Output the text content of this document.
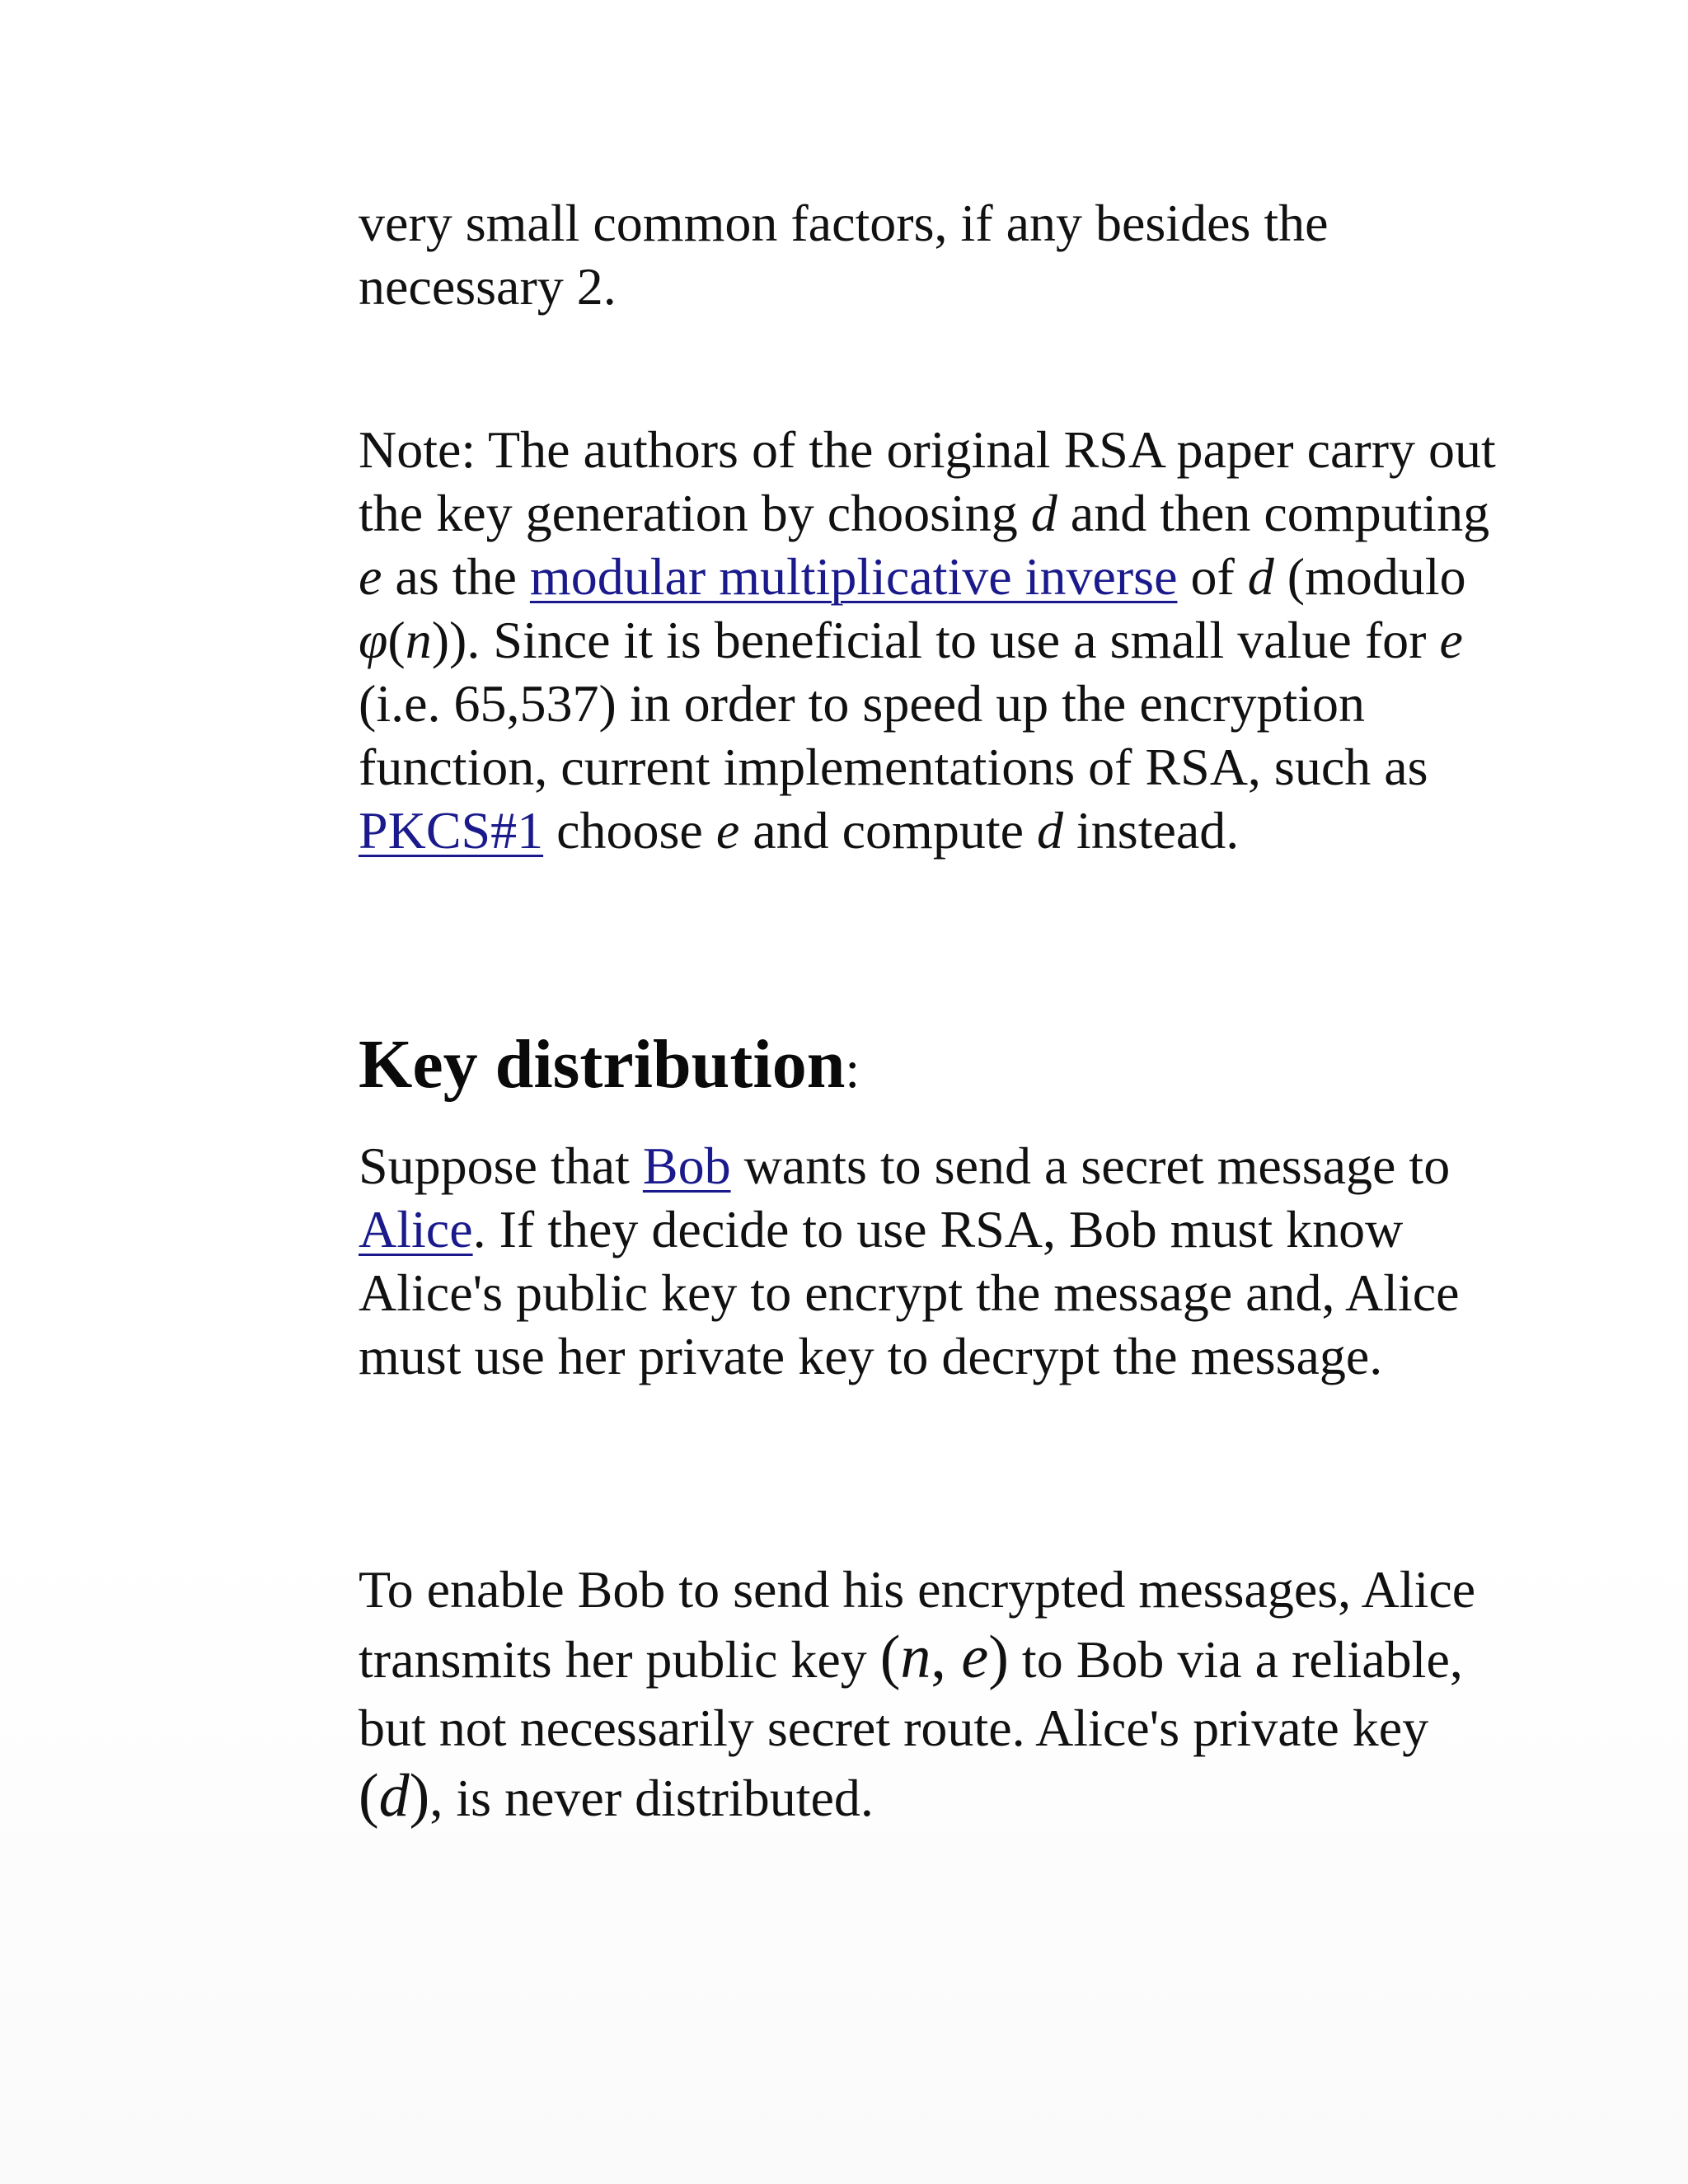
very small common factors, if any besides the
necessary 2.

Note: The authors of the original RSA paper carry out the key generation by choosing d and then computing e as the modular multiplicative inverse of d (modulo φ(n)). Since it is beneficial to use a small value for e (i.e. 65,537) in order to speed up the encryption function, current implementations of RSA, such as PKCS#1 choose e and compute d instead.

Key distribution:

Suppose that Bob wants to send a secret message to Alice. If they decide to use RSA, Bob must know Alice's public key to encrypt the message and, Alice must use her private key to decrypt the message.

To enable Bob to send his encrypted messages, Alice transmits her public key (n, e) to Bob via a reliable, but not necessarily secret route. Alice's private key (d), is never distributed.
